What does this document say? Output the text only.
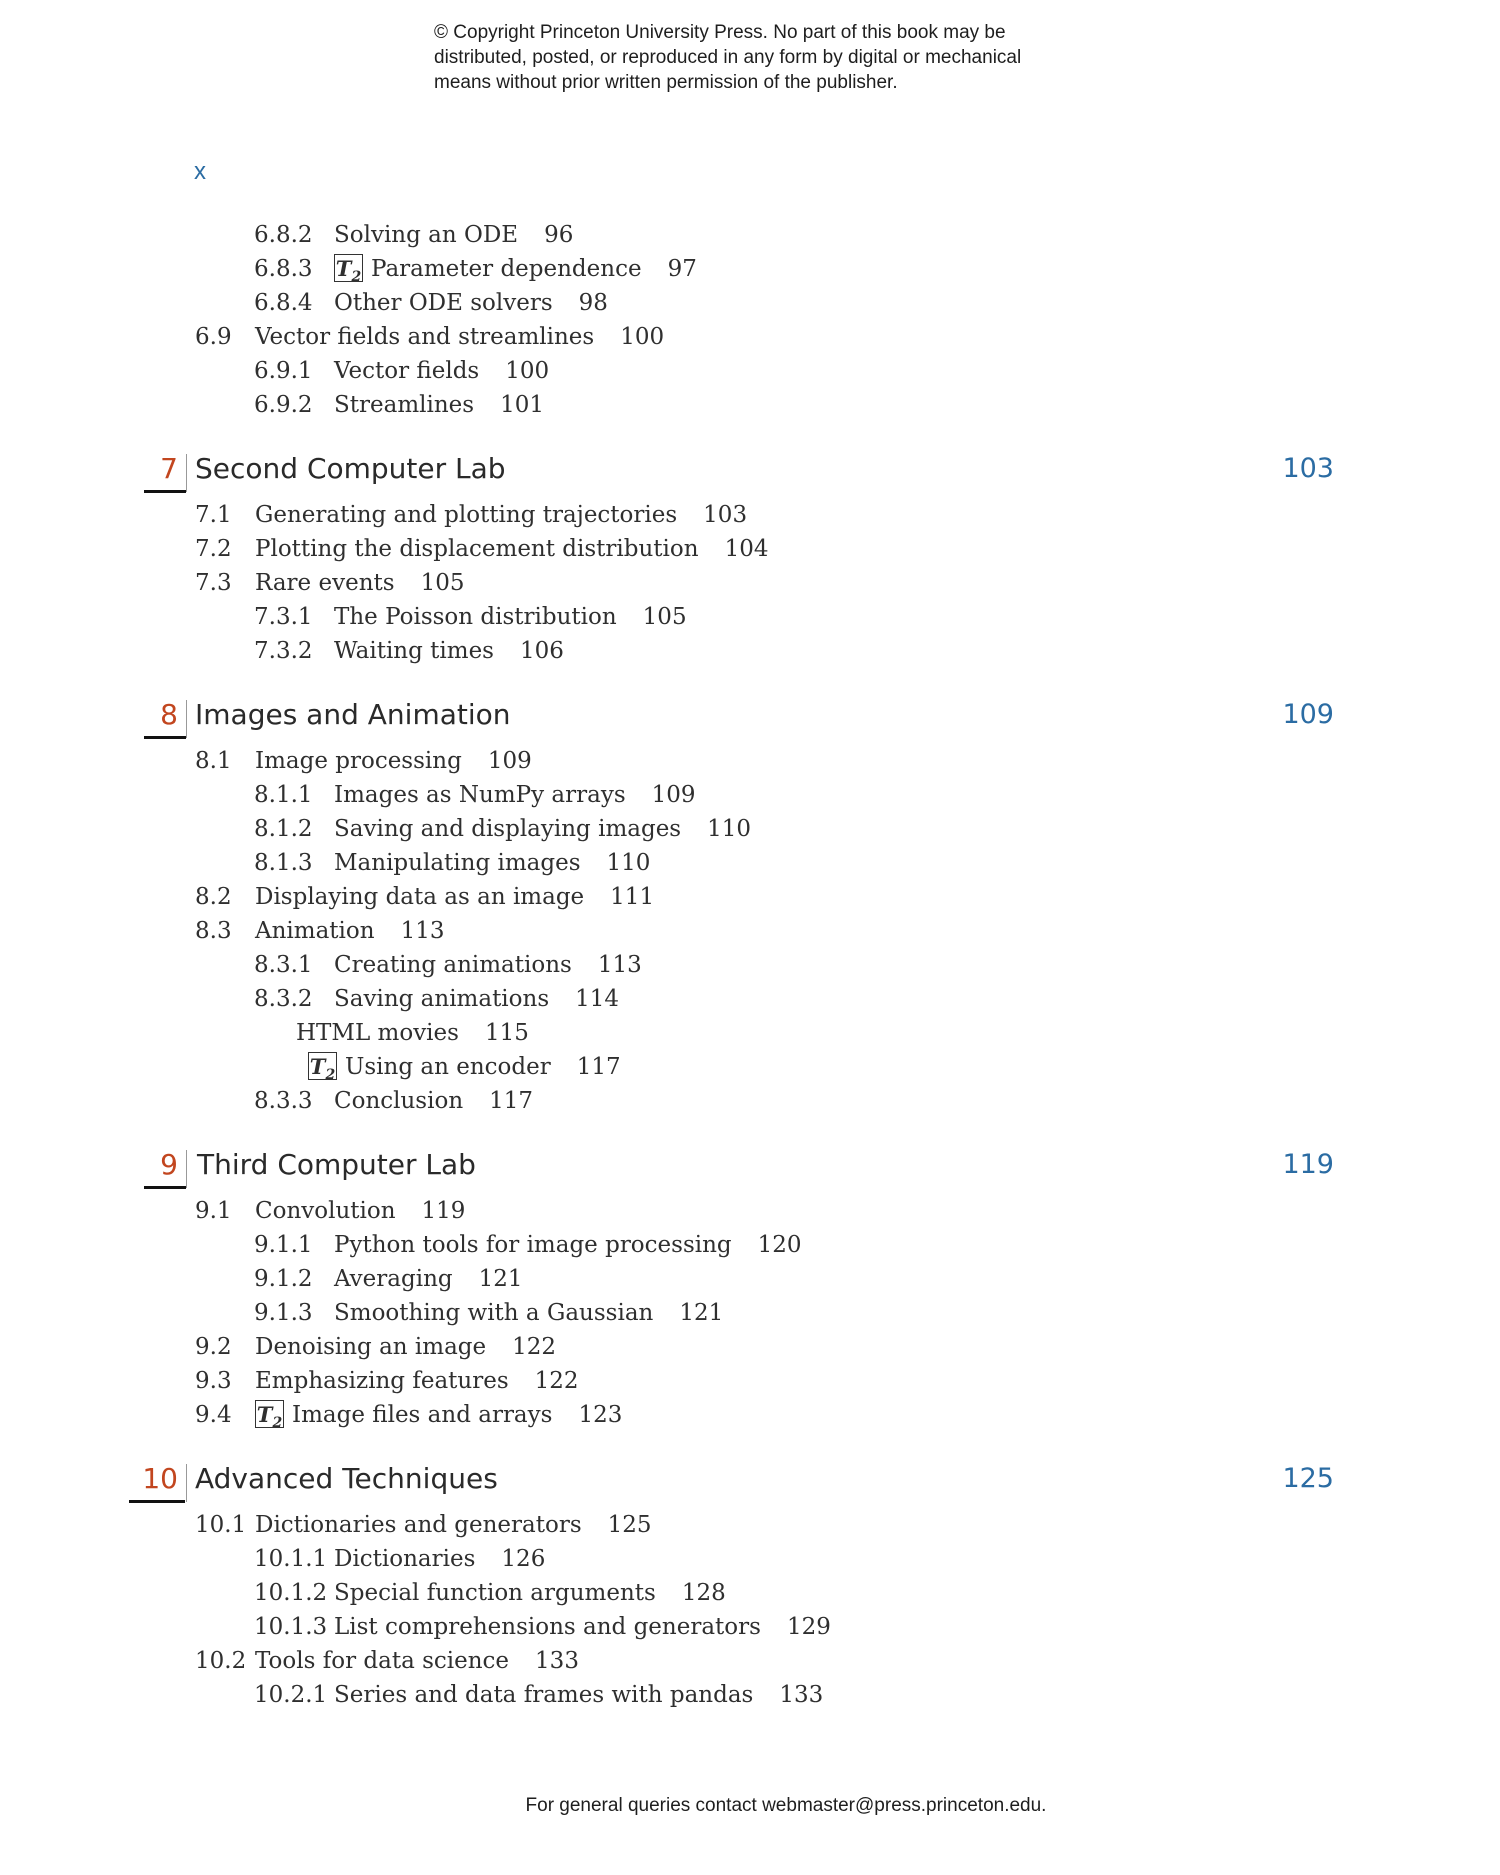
© Copyright Princeton University Press. No part of this book may be
distributed, posted, or reproduced in any form by digital or mechanical
means without prior written permission of the publisher.
x
6.8.2 Solving an ODE 96
6.8.3 $T_2$ Parameter dependence 97
6.8.4 Other ODE solvers 98
6.9 Vector fields and streamlines 100
6.9.1 Vector fields 100
6.9.2 Streamlines 101
7 Second Computer Lab	103
7.1 Generating and plotting trajectories 103
7.2 Plotting the displacement distribution 104
7.3 Rare events 105
7.3.1 The Poisson distribution 105
7.3.2 Waiting times 106
8 Images and Animation	109
8.1 Image processing 109
8.1.1 Images as NumPy arrays 109
8.1.2 Saving and displaying images 110
8.1.3 Manipulating images 110
8.2 Displaying data as an image 111
8.3 Animation 113
8.3.1 Creating animations 113
8.3.2 Saving animations 114
HTML movies 115
$T_2$ Using an encoder 117
8.3.3 Conclusion 117
9 Third Computer Lab	119
9.1 Convolution 119
9.1.1 Python tools for image processing 120
9.1.2 Averaging 121
9.1.3 Smoothing with a Gaussian 121
9.2 Denoising an image 122
9.3 Emphasizing features 122
9.4 $T_2$ Image files and arrays 123
10 Advanced Techniques	125
10.1 Dictionaries and generators 125
10.1.1 Dictionaries 126
10.1.2 Special function arguments 128
10.1.3 List comprehensions and generators 129
10.2 Tools for data science 133
10.2.1 Series and data frames with pandas 133
For general queries contact webmaster@press.princeton.edu.
